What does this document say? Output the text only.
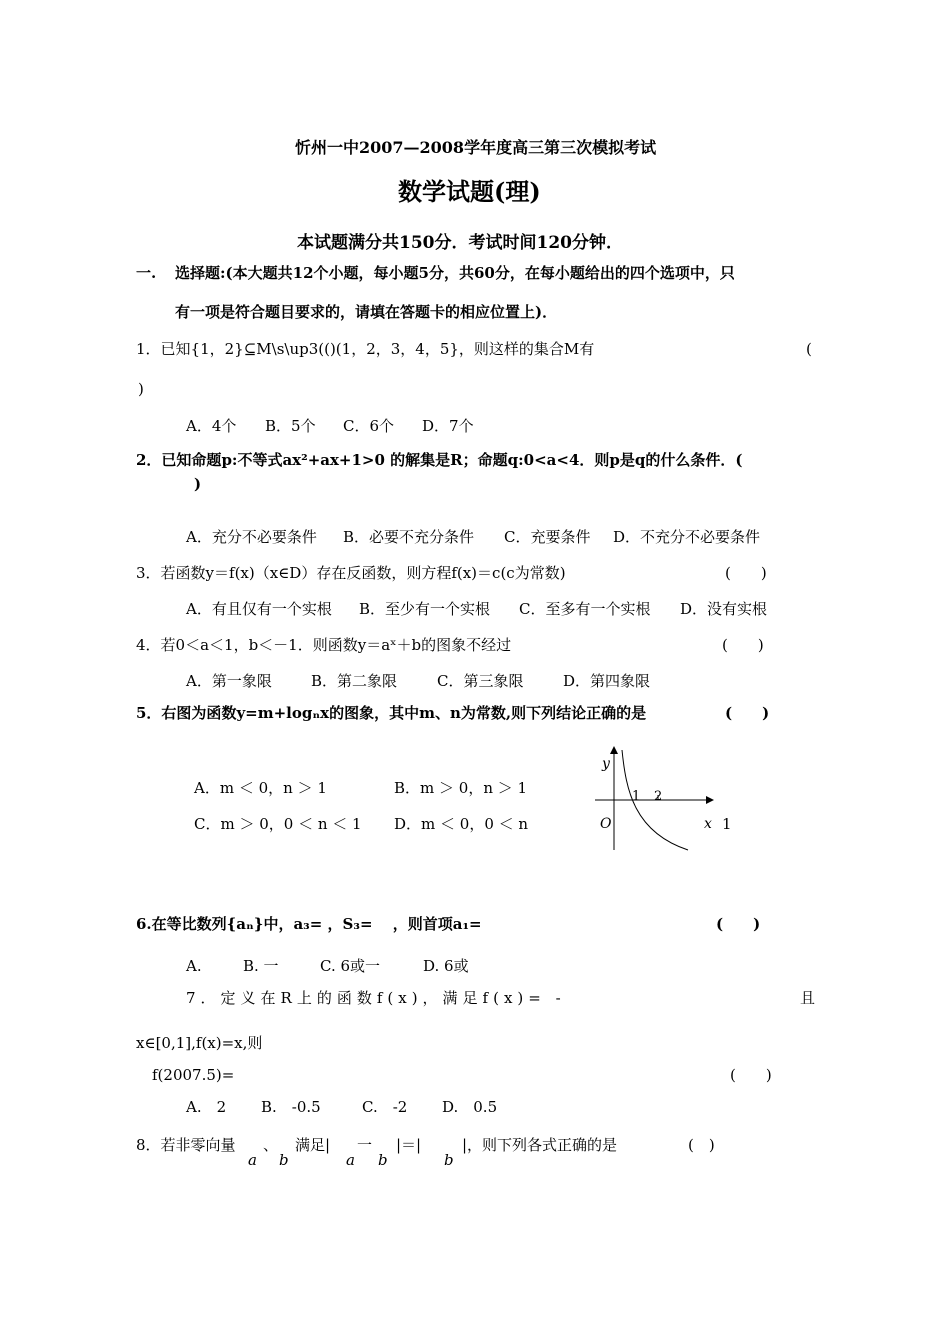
忻州一中2007—2008学年度高三第三次模拟考试
数学试题(理)
本试题满分共150分．考试时间120分钟．
一. 选择题:(本大题共12个小题，每小题5分，共60分，在每小题给出的四个选项中，只
有一项是符合题目要求的，请填在答题卡的相应位置上)．
1．已知{1，2}⊆M\s\up3(()(1，2，3，4，5}，则这样的集合M有	(
)
A．4个 B．5个 C．6个 D．7个
2．已知命题p:不等式ax²+ax+1>0 的解集是R；命题q:0<a<4．则p是q的什么条件．(
)
A．充分不必要条件 B．必要不充分条件 C．充要条件 D．不充分不必要条件
3．若函数y＝f(x)（x∈D）存在反函数，则方程f(x)＝c(c为常数)	(　　)
A．有且仅有一个实根 B．至少有一个实根 C．至多有一个实根 D．没有实根
4．若0＜a＜1，b＜－1．则函数y＝aˣ＋b的图象不经过	(　　)
A．第一象限	B．第二象限	C．第三象限	D．第四象限
5．右图为函数y=m+logₙx的图象，其中m、n为常数,则下列结论正确的是	(　　)
A．m ＜ 0，n ＞ 1	B．m ＞ 0，n ＞ 1
C．m ＞ 0，0 ＜ n ＜ 1 D．m ＜ 0，0 ＜ n	1
y
x
O
1 2
6.在等比数列{aₙ}中，a₃= ，S₃=　 ，则首项a₁=	(　　)
A.	B. 一	C. 6或一	D. 6或
7．定义在R上的函数f(x)，满足f(x)= -	且
x∈[0,1],f(x)=x,则
f(2007.5)=	(　　)
A.　2 B.　-0.5	C.　-2 D.　0.5
8．若非零向量
a
、
b
满足|
a
一
b
|＝|
b
|，则下列各式正确的是	(　)
